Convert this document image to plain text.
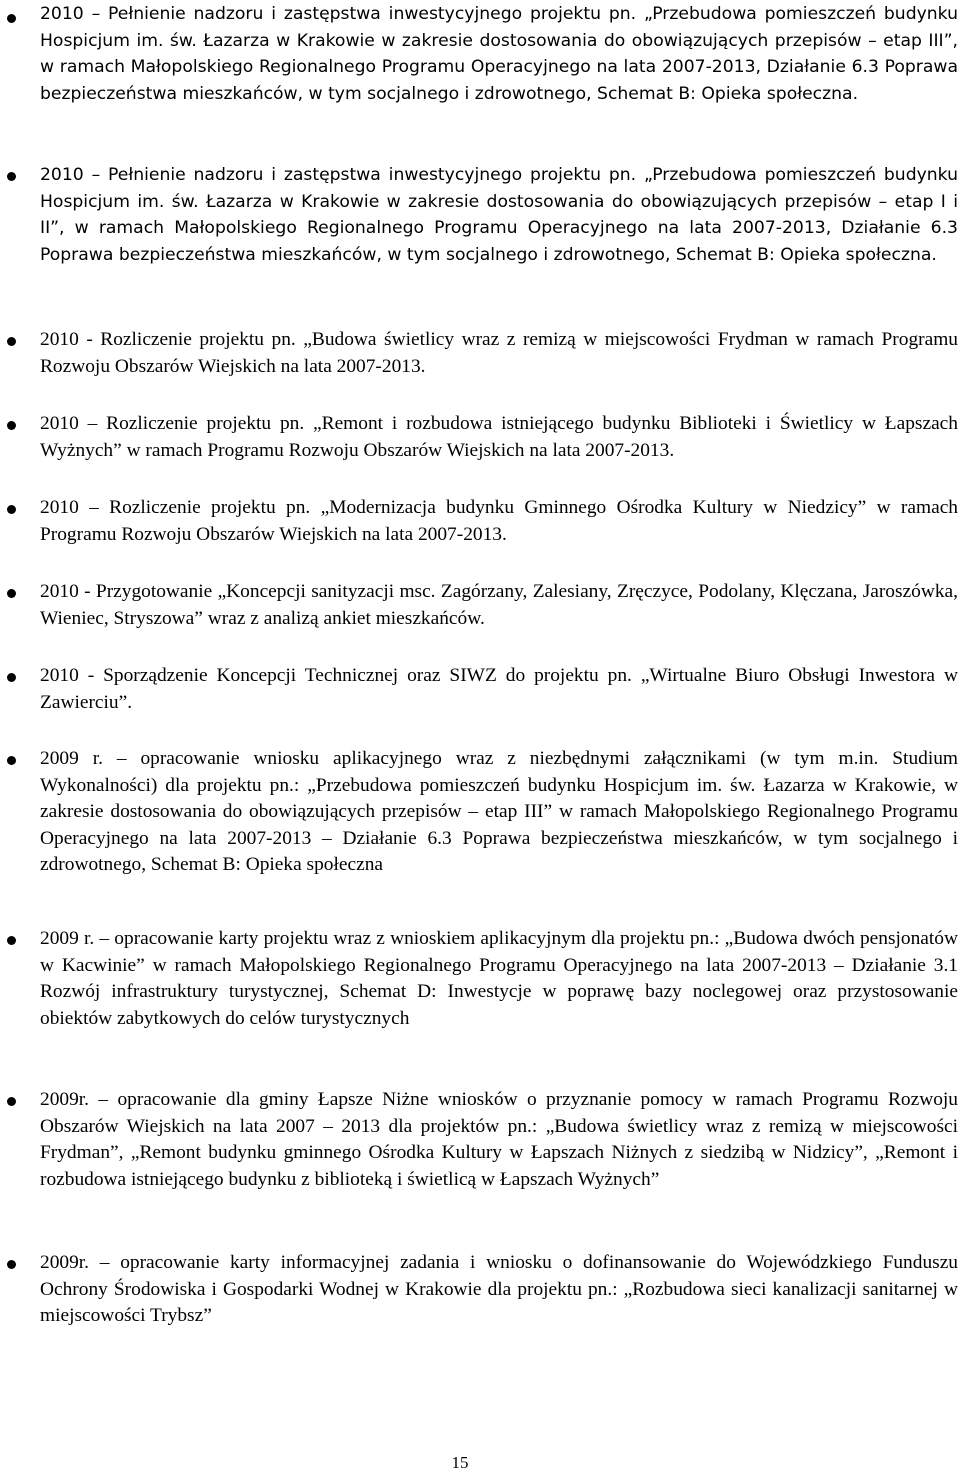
2010 – Pełnienie nadzoru i zastępstwa inwestycyjnego projektu pn. „Przebudowa pomieszczeń budynku Hospicjum im. św. Łazarza w Krakowie w zakresie dostosowania do obowiązujących przepisów – etap III”, w ramach Małopolskiego Regionalnego Programu Operacyjnego na lata 2007-2013, Działanie 6.3 Poprawa bezpieczeństwa mieszkańców, w tym socjalnego i zdrowotnego, Schemat B: Opieka społeczna.
2010 – Pełnienie nadzoru i zastępstwa inwestycyjnego projektu pn. „Przebudowa pomieszczeń budynku Hospicjum im. św. Łazarza w Krakowie w zakresie dostosowania do obowiązujących przepisów – etap I i II”, w ramach Małopolskiego Regionalnego Programu Operacyjnego na lata 2007-2013, Działanie 6.3 Poprawa bezpieczeństwa mieszkańców, w tym socjalnego i zdrowotnego, Schemat B: Opieka społeczna.
2010 - Rozliczenie projektu pn. „Budowa świetlicy wraz z remizą w miejscowości Frydman w ramach Programu Rozwoju Obszarów Wiejskich na lata 2007-2013.
2010 – Rozliczenie projektu pn. „Remont i rozbudowa istniejącego budynku Biblioteki i Świetlicy w Łapszach Wyżnych” w ramach Programu Rozwoju Obszarów Wiejskich na lata 2007-2013.
2010 – Rozliczenie projektu pn. „Modernizacja budynku Gminnego Ośrodka Kultury w Niedzicy” w ramach Programu Rozwoju Obszarów Wiejskich na lata 2007-2013.
2010 - Przygotowanie „Koncepcji sanityzacji msc. Zagórzany, Zalesiany, Zręczyce, Podolany, Klęczana, Jaroszówka, Wieniec, Stryszowa” wraz z analizą ankiet mieszkańców.
2010 - Sporządzenie Koncepcji Technicznej oraz SIWZ do projektu pn. „Wirtualne Biuro Obsługi Inwestora w Zawierciu”.
2009 r. – opracowanie wniosku aplikacyjnego wraz z niezbędnymi załącznikami (w tym m.in. Studium Wykonalności) dla projektu pn.: „Przebudowa pomieszczeń budynku Hospicjum im. św. Łazarza w Krakowie, w zakresie dostosowania do obowiązujących przepisów – etap III” w ramach Małopolskiego Regionalnego Programu Operacyjnego na lata 2007-2013 – Działanie 6.3 Poprawa bezpieczeństwa mieszkańców, w tym socjalnego i zdrowotnego, Schemat B: Opieka społeczna
2009 r. – opracowanie karty projektu wraz z wnioskiem aplikacyjnym dla projektu pn.: „Budowa dwóch pensjonatów w Kacwinie” w ramach Małopolskiego Regionalnego Programu Operacyjnego na lata 2007-2013 – Działanie 3.1 Rozwój infrastruktury turystycznej, Schemat D: Inwestycje w poprawę bazy noclegowej oraz przystosowanie obiektów zabytkowych do celów turystycznych
2009r. – opracowanie dla gminy Łapsze Niżne wniosków o przyznanie pomocy w ramach Programu Rozwoju Obszarów Wiejskich na lata 2007 – 2013 dla projektów pn.: „Budowa świetlicy wraz z remizą w miejscowości Frydman”, „Remont budynku gminnego Ośrodka Kultury w Łapszach Niżnych z siedzibą w Nidzicy”, „Remont i rozbudowa istniejącego budynku z biblioteką i świetlicą w Łapszach Wyżnych”
2009r. – opracowanie karty informacyjnej zadania i wniosku o dofinansowanie do Wojewódzkiego Funduszu Ochrony Środowiska i Gospodarki Wodnej w Krakowie dla projektu pn.: „Rozbudowa sieci kanalizacji sanitarnej w miejscowości Trybsz”
15
